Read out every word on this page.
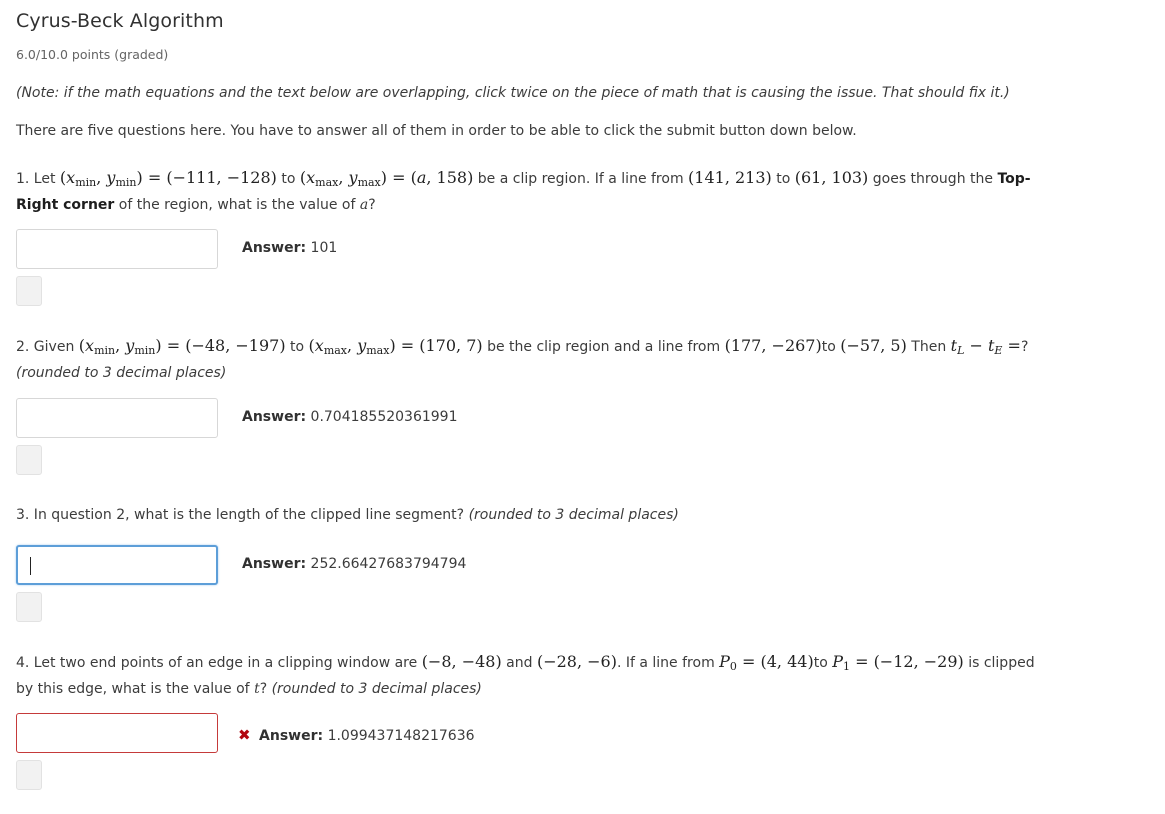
Cyrus-Beck Algorithm
6.0/10.0 points (graded)
(Note: if the math equations and the text below are overlapping, click twice on the piece of math that is causing the issue. That should fix it.)
There are five questions here. You have to answer all of them in order to be able to click the submit button down below.
1. Let ($x_{min}$, $y_{min}) = (-111$, −128) to ($x_{max}$, $y_{max}) = (a$, 158) be a clip region. If a line from (141, 213) to (61, 103) goes through the Top-Right corner of the region, what is the value of a?
Answer: 101
2. Given ($x_{min}$, $y_{min}) = (-48$, −197) to ($x_{max}$, $y_{max}) = (170$, 7) be the clip region and a line from (177, −267)to (−57, 5) Then $t_L - t_E$ =? (rounded to 3 decimal places)
Answer: 0.704185520361991
3. In question 2, what is the length of the clipped line segment? (rounded to 3 decimal places)
Answer: 252.66427683794794
4. Let two end points of an edge in a clipping window are (−8, −48) and (−28, −6). If a line from $P_0 = (4$, 44)to $P_1 = (-12$, −29) is clipped by this edge, what is the value of t? (rounded to 3 decimal places)
✖ Answer: 1.099437148217636
